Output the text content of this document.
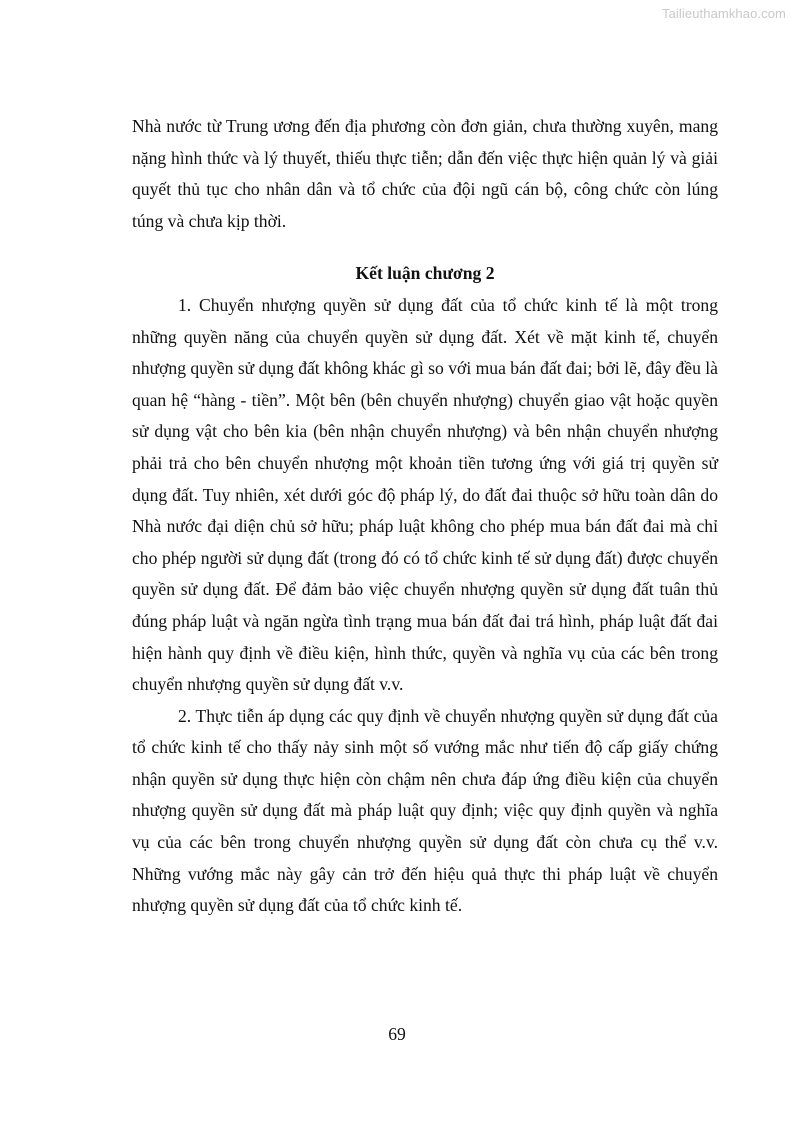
Tailieuthamkhao.com

Nhà nước từ Trung ương đến địa phương còn đơn giản, chưa thường xuyên, mang nặng hình thức và lý thuyết, thiếu thực tiễn; dẫn đến việc thực hiện quản lý và giải quyết thủ tục cho nhân dân và tổ chức của đội ngũ cán bộ, công chức còn lúng túng và chưa kịp thời.

Kết luận chương 2

1. Chuyển nhượng quyền sử dụng đất của tổ chức kinh tế là một trong những quyền năng của chuyển quyền sử dụng đất. Xét về mặt kinh tế, chuyển nhượng quyền sử dụng đất không khác gì so với mua bán đất đai; bởi lẽ, đây đều là quan hệ “hàng - tiền”. Một bên (bên chuyển nhượng) chuyển giao vật hoặc quyền sử dụng vật cho bên kia (bên nhận chuyển nhượng) và bên nhận chuyển nhượng phải trả cho bên chuyển nhượng một khoản tiền tương ứng với giá trị quyền sử dụng đất. Tuy nhiên, xét dưới góc độ pháp lý, do đất đai thuộc sở hữu toàn dân do Nhà nước đại diện chủ sở hữu; pháp luật không cho phép mua bán đất đai mà chỉ cho phép người sử dụng đất (trong đó có tổ chức kinh tế sử dụng đất) được chuyển quyền sử dụng đất. Để đảm bảo việc chuyển nhượng quyền sử dụng đất tuân thủ đúng pháp luật và ngăn ngừa tình trạng mua bán đất đai trá hình, pháp luật đất đai hiện hành quy định về điều kiện, hình thức, quyền và nghĩa vụ của các bên trong chuyển nhượng quyền sử dụng đất v.v.

2. Thực tiễn áp dụng các quy định về chuyển nhượng quyền sử dụng đất của tổ chức kinh tế cho thấy nảy sinh một số vướng mắc như tiến độ cấp giấy chứng nhận quyền sử dụng thực hiện còn chậm nên chưa đáp ứng điều kiện của chuyển nhượng quyền sử dụng đất mà pháp luật quy định; việc quy định quyền và nghĩa vụ của các bên trong chuyển nhượng quyền sử dụng đất còn chưa cụ thể v.v. Những vướng mắc này gây cản trở đến hiệu quả thực thi pháp luật về chuyển nhượng quyền sử dụng đất của tổ chức kinh tế.

69
